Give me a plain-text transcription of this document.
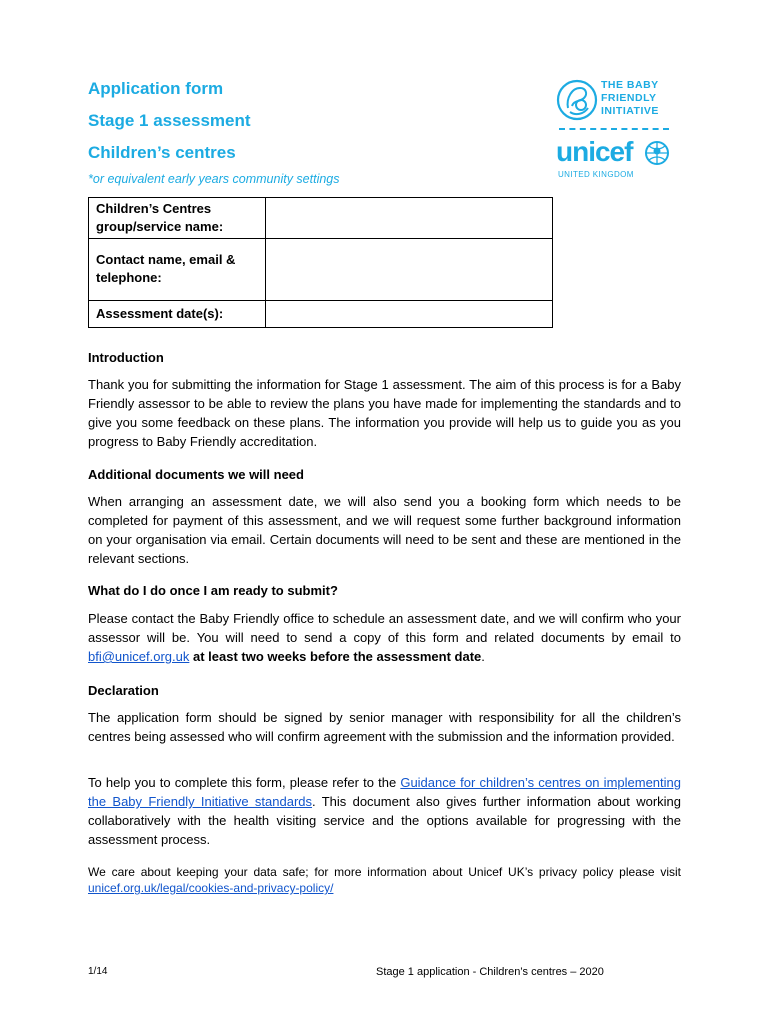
Application form
Stage 1 assessment
Children’s centres

*or equivalent early years community settings

THE BABY
FRIENDLY
INITIATIVE
unicef
UNITED KINGDOM
Children’s Centres group/service name:	
Contact name, email & telephone:	
Assessment date(s):	

Introduction

Thank you for submitting the information for Stage 1 assessment. The aim of this process is for a Baby Friendly assessor to be able to review the plans you have made for implementing the standards and to give you some feedback on these plans. The information you provide will help us to guide you as you progress to Baby Friendly accreditation.

Additional documents we will need

When arranging an assessment date, we will also send you a booking form which needs to be completed for payment of this assessment, and we will request some further background information on your organisation via email. Certain documents will need to be sent and these are mentioned in the relevant sections.

What do I do once I am ready to submit?

Please contact the Baby Friendly office to schedule an assessment date, and we will confirm who your assessor will be. You will need to send a copy of this form and related documents by email to bfi@unicef.org.uk at least two weeks before the assessment date.

Declaration

The application form should be signed by senior manager with responsibility for all the children’s centres being assessed who will confirm agreement with the submission and the information provided.

To help you to complete this form, please refer to the Guidance for children’s centres on implementing the Baby Friendly Initiative standards. This document also gives further information about working collaboratively with the health visiting service and the options available for progressing with the assessment process.

We care about keeping your data safe; for more information about Unicef UK’s privacy policy please visit unicef.org.uk/legal/cookies-and-privacy-policy/

1/14	Stage 1 application - Children’s centres – 2020
